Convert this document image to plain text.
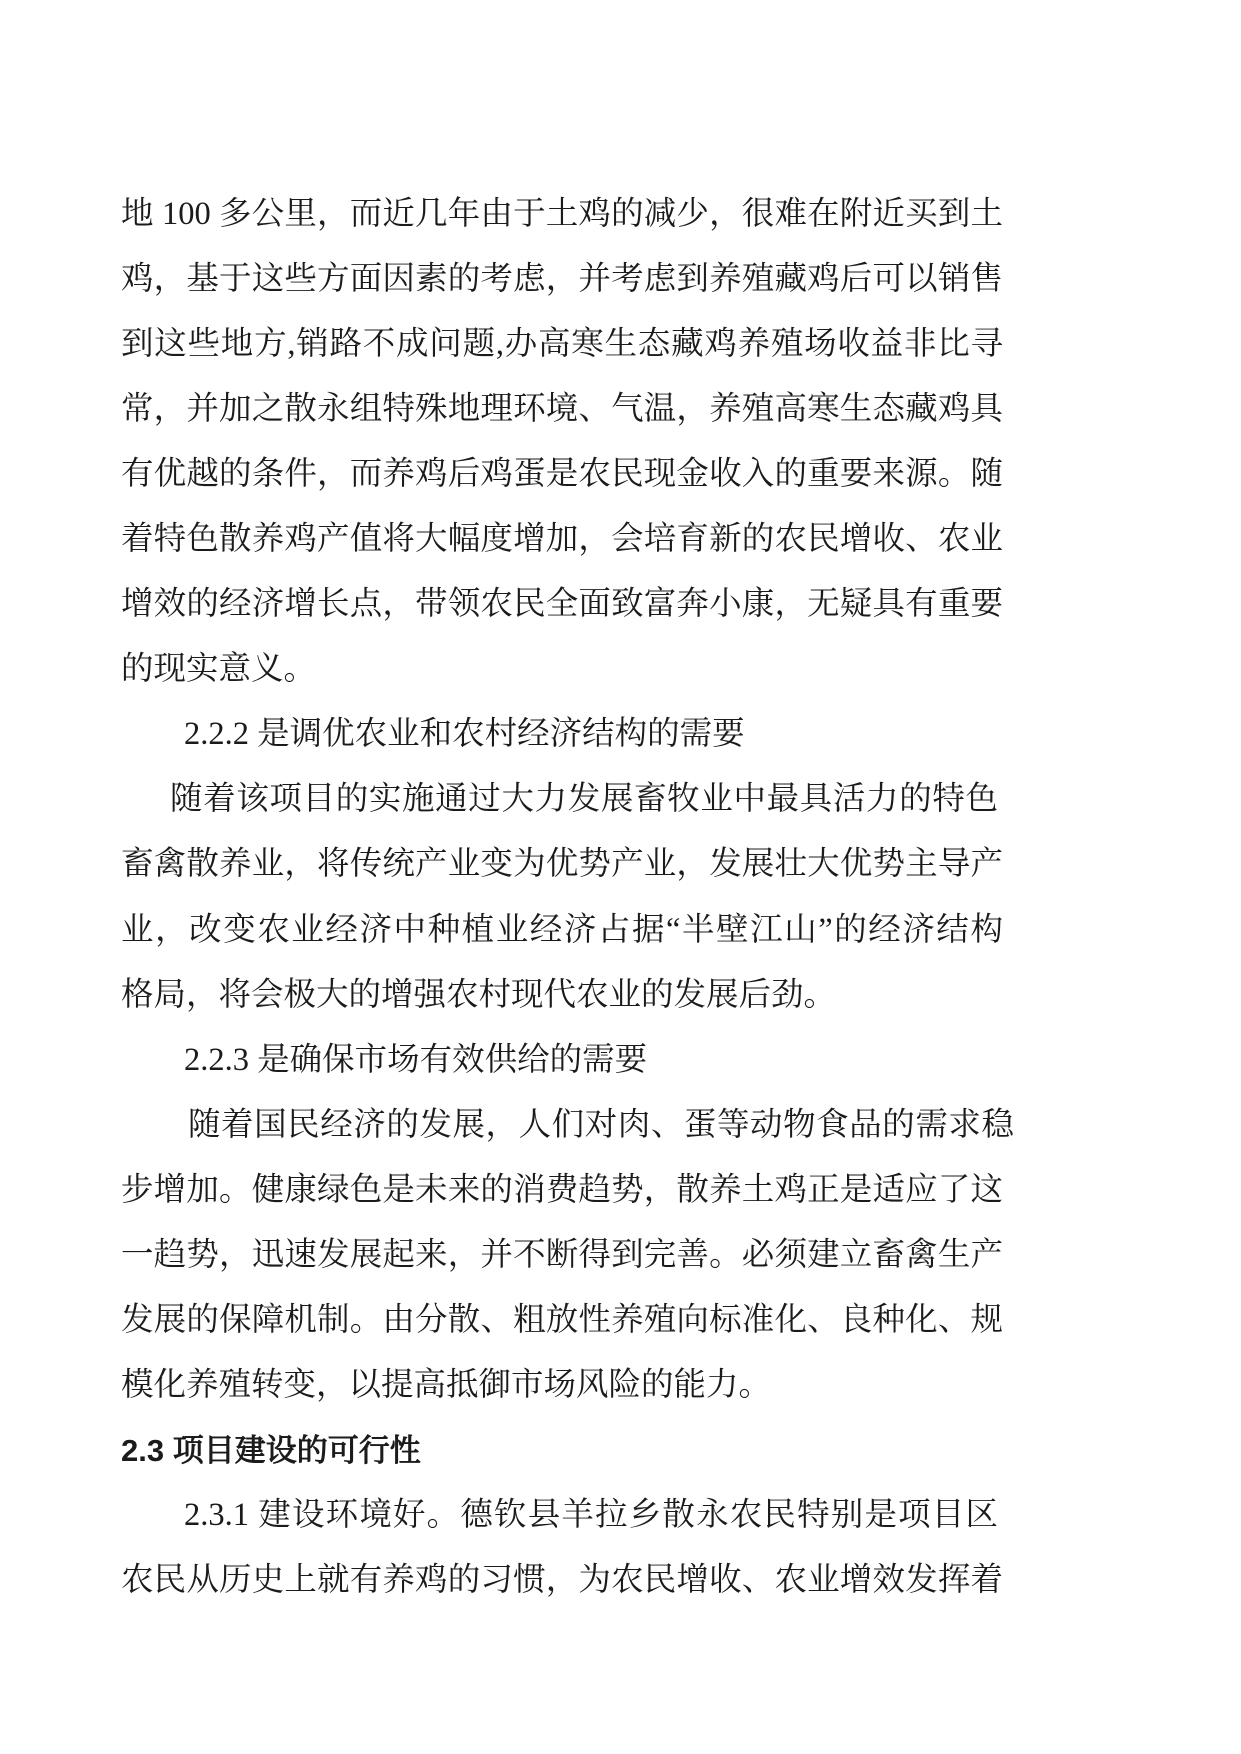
地 100 多公里，而近几年由于土鸡的减少，很难在附近买到土
鸡，基于这些方面因素的考虑，并考虑到养殖藏鸡后可以销售
到这些地方,销路不成问题,办高寒生态藏鸡养殖场收益非比寻
常，并加之散永组特殊地理环境、气温，养殖高寒生态藏鸡具
有优越的条件，而养鸡后鸡蛋是农民现金收入的重要来源。随
着特色散养鸡产值将大幅度增加，会培育新的农民增收、农业
增效的经济增长点，带领农民全面致富奔小康，无疑具有重要
的现实意义。
2.2.2 是调优农业和农村经济结构的需要
随着该项目的实施通过大力发展畜牧业中最具活力的特色
畜禽散养业，将传统产业变为优势产业，发展壮大优势主导产
业，改变农业经济中种植业经济占据“半壁江山”的经济结构
格局，将会极大的增强农村现代农业的发展后劲。
2.2.3 是确保市场有效供给的需要
随着国民经济的发展，人们对肉、蛋等动物食品的需求稳
步增加。健康绿色是未来的消费趋势，散养土鸡正是适应了这
一趋势，迅速发展起来，并不断得到完善。必须建立畜禽生产
发展的保障机制。由分散、粗放性养殖向标准化、良种化、规
模化养殖转变，以提高抵御市场风险的能力。
2.3 项目建设的可行性
2.3.1 建设环境好。德钦县羊拉乡散永农民特别是项目区
农民从历史上就有养鸡的习惯，为农民增收、农业增效发挥着
